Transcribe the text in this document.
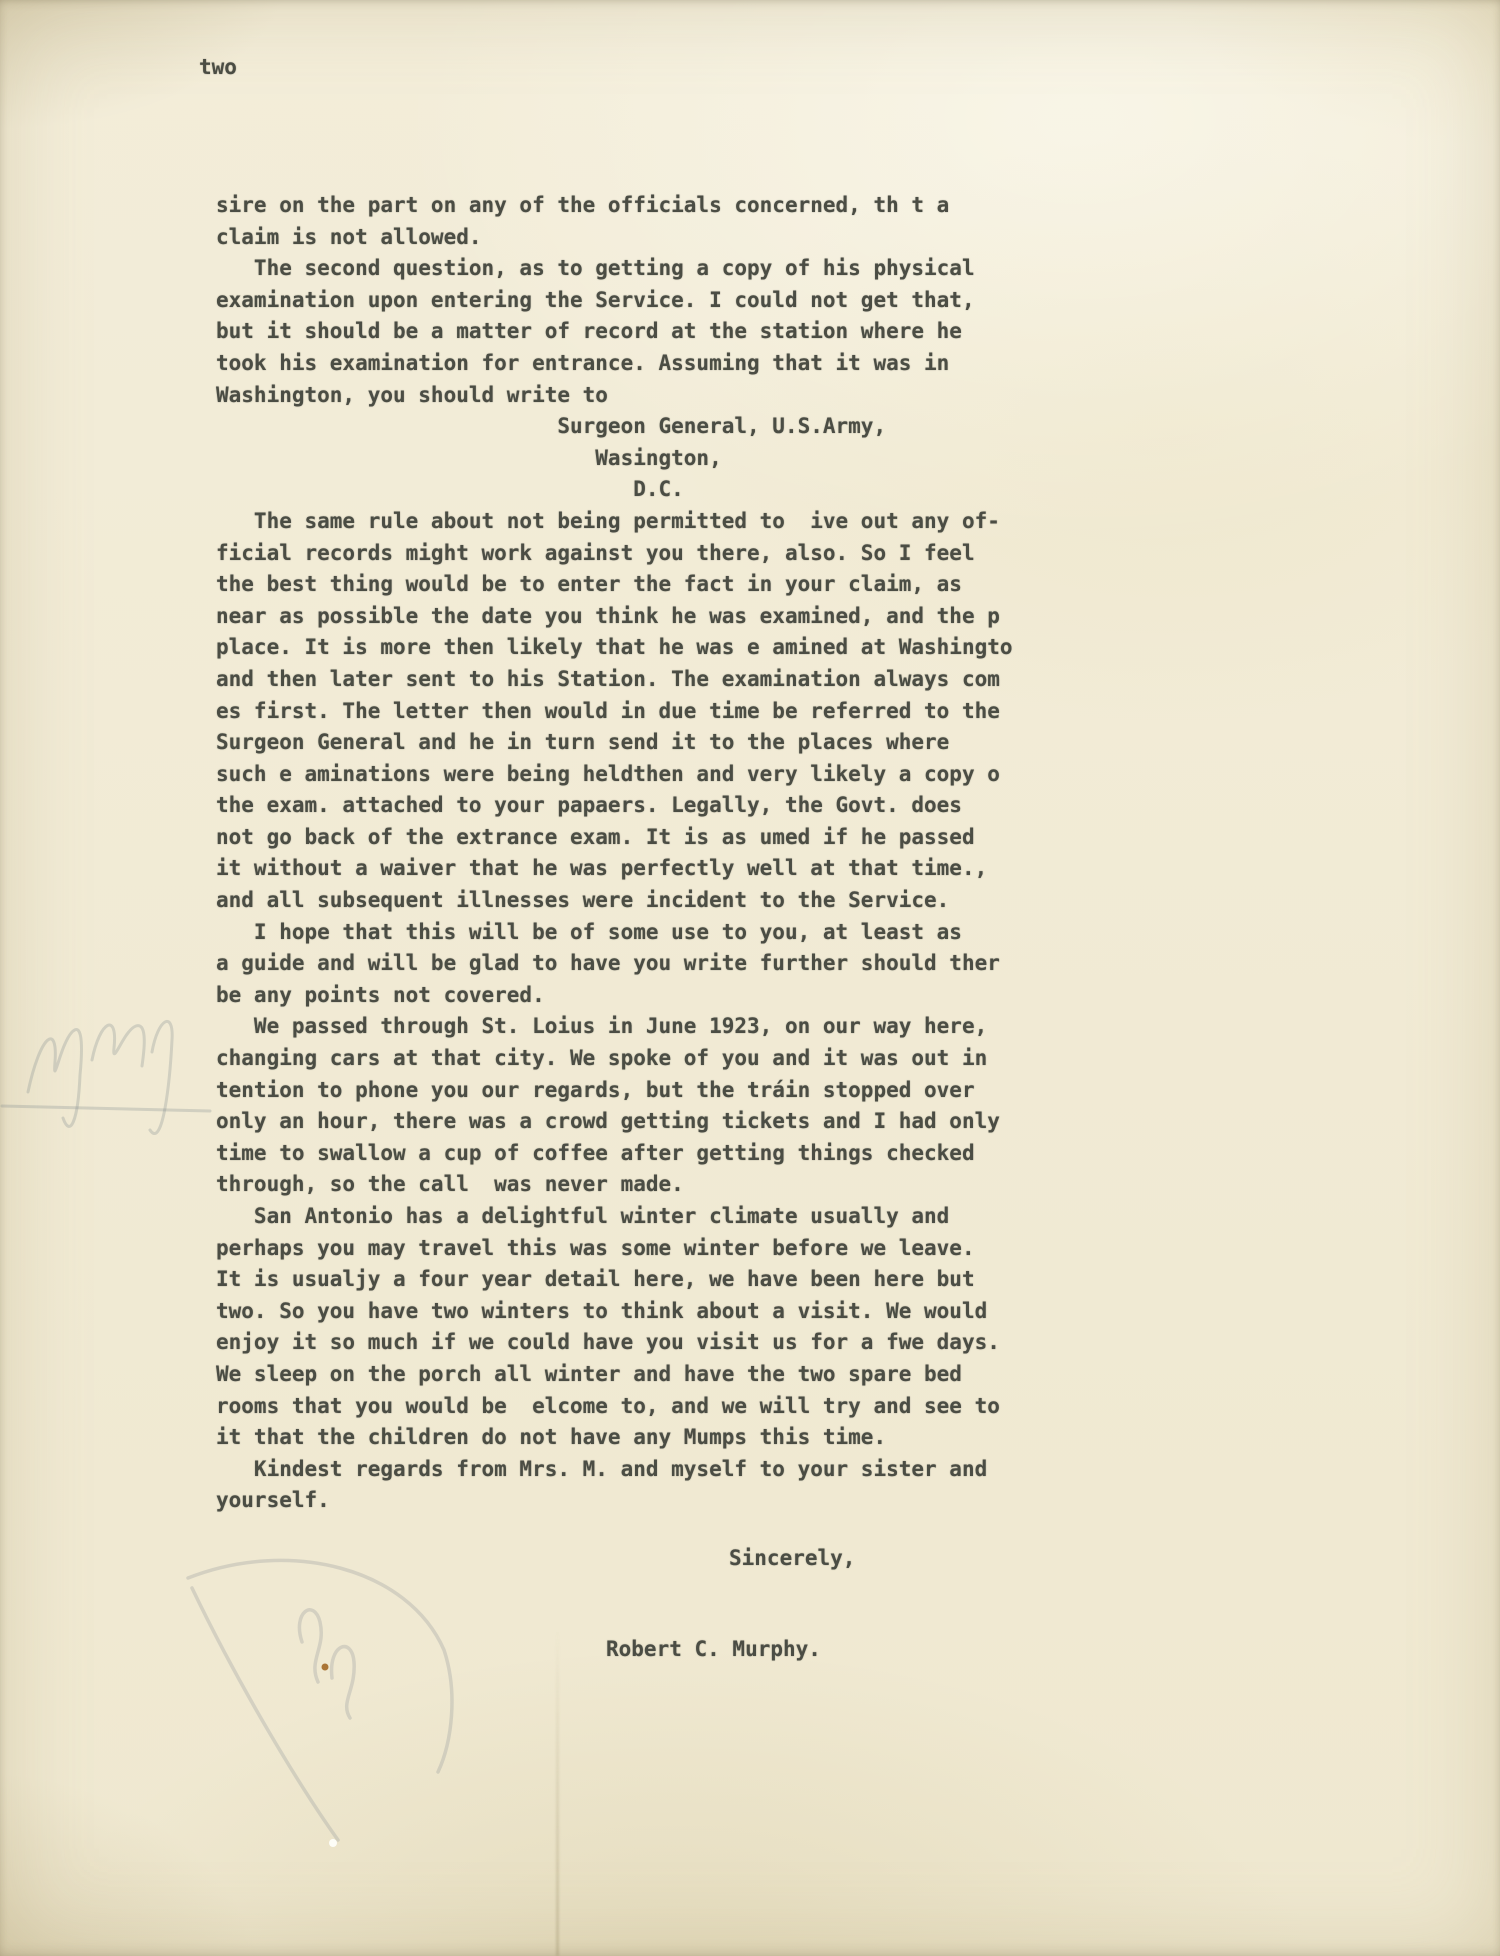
two
sire on the part on any of the officials concerned, th t a
claim is not allowed.
The second question, as to getting a copy of his physical
examination upon entering the Service. I could not get that,
but it should be a matter of record at the station where he
took his examination for entrance. Assuming that it was in
Washington, you should write to
Surgeon General, U.S.Army,
Wasington,
D.C.
The same rule about not being permitted to  ive out any of-
ficial records might work against you there, also. So I feel
the best thing would be to enter the fact in your claim, as
near as possible the date you think he was examined, and the p
place. It is more then likely that he was e amined at Washingto
and then later sent to his Station. The examination always com
es first. The letter then would in due time be referred to the
Surgeon General and he in turn send it to the places where
such e aminations were being heldthen and very likely a copy o
the exam. attached to your papaers. Legally, the Govt. does
not go back of the extrance exam. It is as umed if he passed
it without a waiver that he was perfectly well at that time.,
and all subsequent illnesses were incident to the Service.
I hope that this will be of some use to you, at least as
a guide and will be glad to have you write further should ther
be any points not covered.
We passed through St. Loius in June 1923, on our way here,
changing cars at that city. We spoke of you and it was out in
tention to phone you our regards, but the tráin stopped over
only an hour, there was a crowd getting tickets and I had only
time to swallow a cup of coffee after getting things checked
through, so the call  was never made.
San Antonio has a delightful winter climate usually and
perhaps you may travel this was some winter before we leave.
It is usualjy a four year detail here, we have been here but
two. So you have two winters to think about a visit. We would
enjoy it so much if we could have you visit us for a fwe days.
We sleep on the porch all winter and have the two spare bed
rooms that you would be  elcome to, and we will try and see to
it that the children do not have any Mumps this time.
Kindest regards from Mrs. M. and myself to your sister and
yourself.
Sincerely,
Robert C. Murphy.
